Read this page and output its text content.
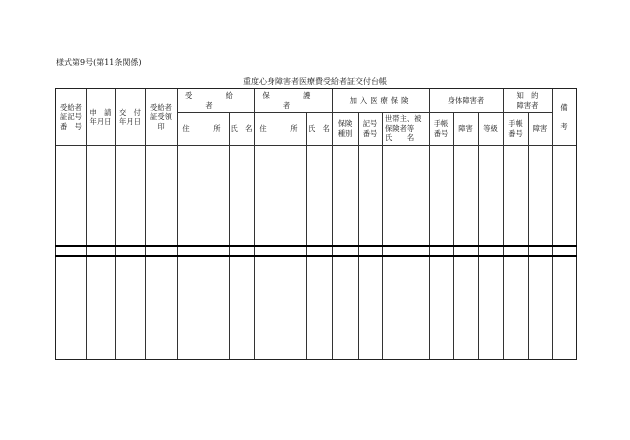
様式第9号(第11条関係)
重度心身障害者医療費受給者証交付台帳
受給者
証記号
番　号
申　請
年月日
交　付
年月日
受給者
証受領
印
受　給　者
住　　所 氏　名
保　護　者
住　　所	氏　名
加入医療保険
保険
種別
記号
番号
世帯主、被
保険者等
氏　　名
身体障害者
手帳
番号
障害	等級
知　的
障害者
手帳
番号
障害
備

考
